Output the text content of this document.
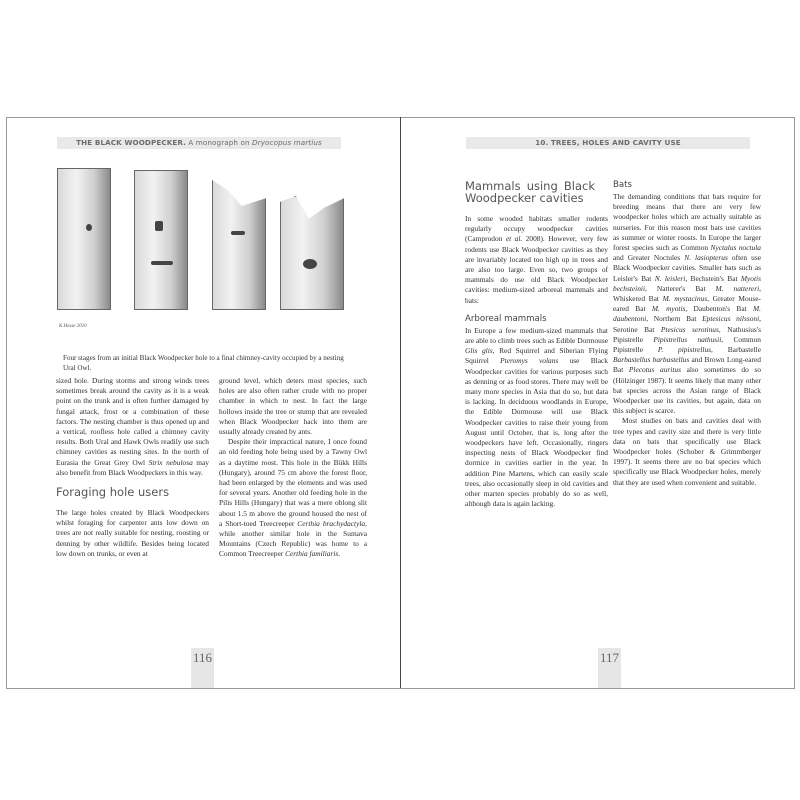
THE BLACK WOODPECKER. A monograph on Dryocopus martius
K.Hesse 2010
Four stages from an initial Black Woodpecker hole to a final chimney-cavity occupied by a nesting Ural Owl.

sized hole. During storms and strong winds trees sometimes break around the cavity as it is a weak point on the trunk and is often further damaged by fungal attack, frost or a combination of these factors. The nesting chamber is thus opened up and a vertical, roofless hole called a chimney cavity results. Both Ural and Hawk Owls readily use such chimney cavities as nesting sites. In the north of Eurasia the Great Grey Owl Strix nebulosa may also benefit from Black Woodpeckers in this way.

Foraging hole users

The large holes created by Black Woodpeckers whilst foraging for carpenter ants low down on trees are not really suitable for nesting, roosting or denning by other wildlife. Besides being located low down on trunks, or even at

ground level, which deters most species, such holes are also often rather crude with no proper chamber in which to nest. In fact the large hollows inside the tree or stump that are revealed when Black Woodpecker hack into them are usually already created by ants.

Despite their impractical nature, I once found an old feeding hole being used by a Tawny Owl as a daytime roost. This hole in the Bükk Hills (Hungary), around 75 cm above the forest floor, had been enlarged by the elements and was used for several years. Another old feeding hole in the Pilis Hills (Hungary) that was a mere oblong slit about 1.5 m above the ground housed the nest of a Short-toed Treecreeper Certhia brachydactyla, while another similar hole in the Sumava Mountains (Czech Republic) was home to a Common Treecreeper Certhia familiaris.

116
10. TREES, HOLES AND CAVITY USE
Mammals using Black Woodpecker cavities

In some wooded habitats smaller rodents regularly occupy woodpecker cavities (Camprodon et al. 2008). However, very few rodents use Black Woodpecker cavities as they are invariably located too high up in trees and are also too large. Even so, two groups of mammals do use old Black Woodpecker cavities: medium-sized arboreal mammals and bats:

Arboreal mammals

In Europe a few medium-sized mammals that are able to climb trees such as Edible Dormouse Glis glis, Red Squirrel and Siberian Flying Squirrel Pteromys volans use Black Woodpecker cavities for various purposes such as denning or as food stores. There may well be many more species in Asia that do so, but data is lacking. In deciduous woodlands in Europe, the Edible Dormouse will use Black Woodpecker cavities to raise their young from August until October, that is, long after the woodpeckers have left. Occasionally, ringers inspecting nests of Black Woodpecker find dormice in cavities earlier in the year. In addition Pine Martens, which can easily scale trees, also occasionally sleep in old cavities and other marten species probably do so as well, although data is again lacking.

Bats

The demanding conditions that bats require for breeding means that there are very few woodpecker holes which are actually suitable as nurseries. For this reason most bats use cavities as summer or winter roosts. In Europe the larger forest species such as Common Nyctalus noctula and Greater Noctules N. lasiopterus often use Black Woodpecker cavities. Smaller bats such as Leisler's Bat N. leisleri, Bechstein's Bat Myotis bechsteinii, Natterer's Bat M. nattereri, Whiskered Bat M. mystacinus, Greater Mouse-eared Bat M. myotis, Daubenton's Bat M. daubentoni, Northern Bat Eptesicus nilssoni, Serotine Bat Ptesicus serotinus, Nathusius's Pipistrelle Pipistrellus nathusii, Common Pipistrelle P. pipistrellus, Barbastelle Barbastellus barbastellus and Brown Long-eared Bat Plecotus auritus also sometimes do so (Hölzinger 1987). It seems likely that many other bat species across the Asian range of Black Woodpecker use its cavities, but again, data on this subject is scarce.

Most studies on bats and cavities deal with tree types and cavity size and there is very little data on bats that specifically use Black Woodpecker holes (Schober & Grimmberger 1997). It seems there are no bat species which specifically use Black Woodpecker holes, merely that they are used when convenient and suitable.

117
